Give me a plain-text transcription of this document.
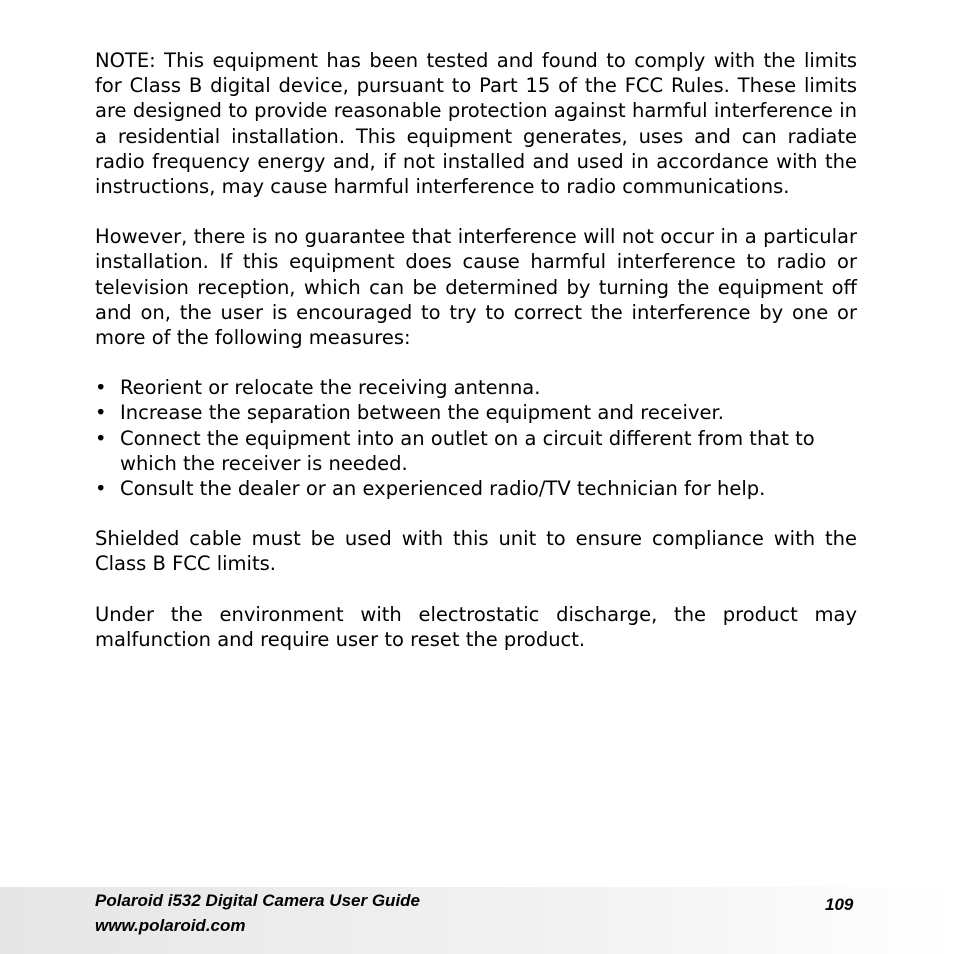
NOTE: This equipment has been tested and found to comply with the limits for Class B digital device, pursuant to Part 15 of the FCC Rules. These limits are designed to provide reasonable protection against harmful interference in a residential installation. This equipment generates, uses and can radiate radio frequency energy and, if not installed and used in accordance with the instructions, may cause harmful interference to radio communications.

However, there is no guarantee that interference will not occur in a particular installation. If this equipment does cause harmful interference to radio or television reception, which can be determined by turning the equipment off and on, the user is encouraged to try to correct the interference by one or more of the following measures:

• Reorient or relocate the receiving antenna.
• Increase the separation between the equipment and receiver.
• Connect the equipment into an outlet on a circuit different from that to which the receiver is needed.
• Consult the dealer or an experienced radio/TV technician for help.

Shielded cable must be used with this unit to ensure compliance with the Class B FCC limits.

Under the environment with electrostatic discharge, the product may malfunction and require user to reset the product.

Polaroid i532 Digital Camera User Guide
www.polaroid.com
109
